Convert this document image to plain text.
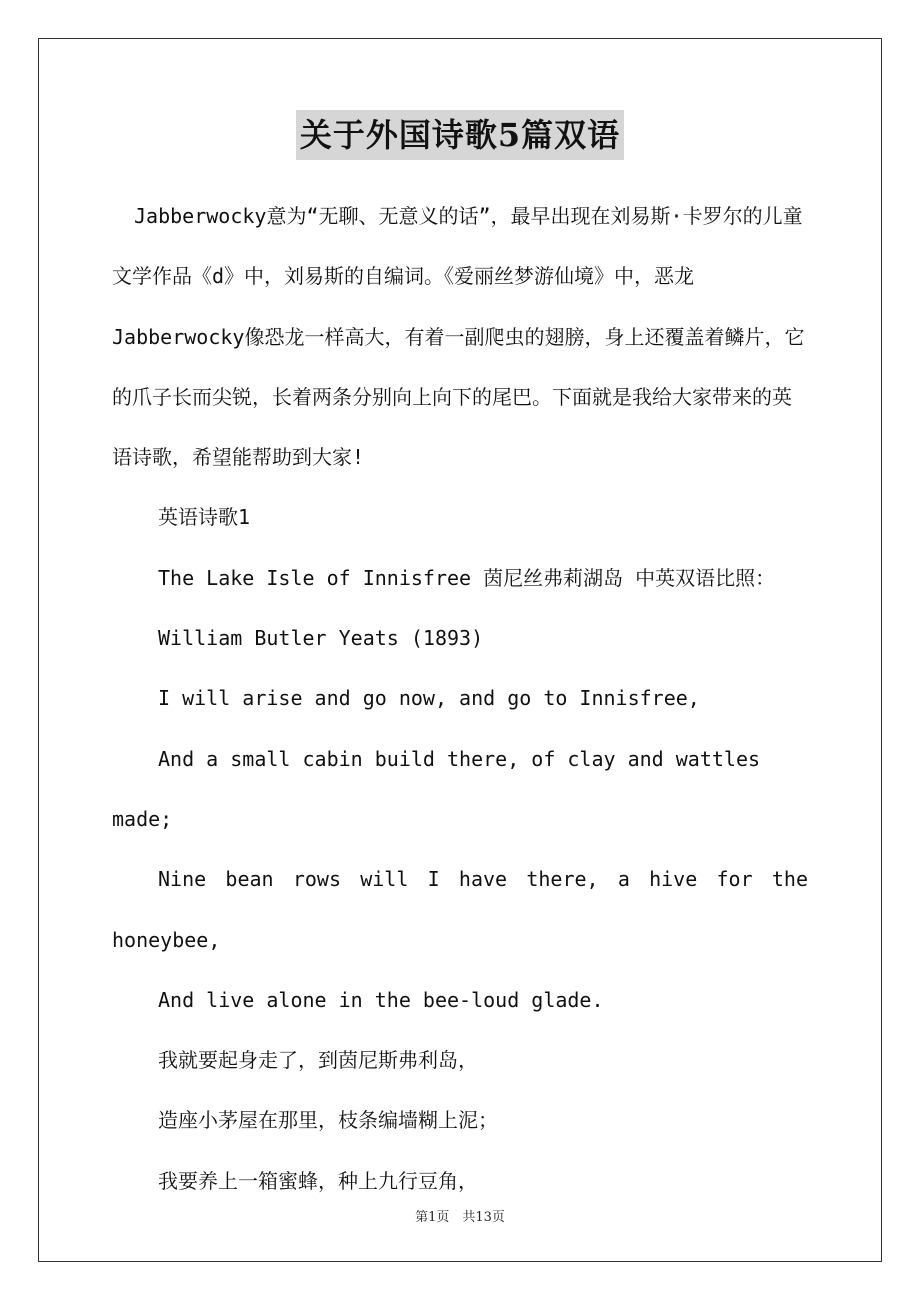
关于外国诗歌5篇双语

Jabberwocky意为“无聊、无意义的话”，最早出现在刘易斯·卡罗尔的儿童文学作品《d》中，刘易斯的自编词。《爱丽丝梦游仙境》中，恶龙Jabberwocky像恐龙一样高大，有着一副爬虫的翅膀，身上还覆盖着鳞片，它的爪子长而尖锐，长着两条分别向上向下的尾巴。下面就是我给大家带来的英语诗歌，希望能帮助到大家!

英语诗歌1

The Lake Isle of Innisfree 茵尼丝弗莉湖岛 中英双语比照：

William Butler Yeats (1893)

I will arise and go now, and go to Innisfree,

And a small cabin build there, of clay and wattles made;

Nine bean rows will I have there, a hive for the honeybee,

And live alone in the bee-loud glade.

我就要起身走了，到茵尼斯弗利岛，

造座小茅屋在那里，枝条编墙糊上泥；

我要养上一箱蜜蜂，种上九行豆角，

第1页　共13页
